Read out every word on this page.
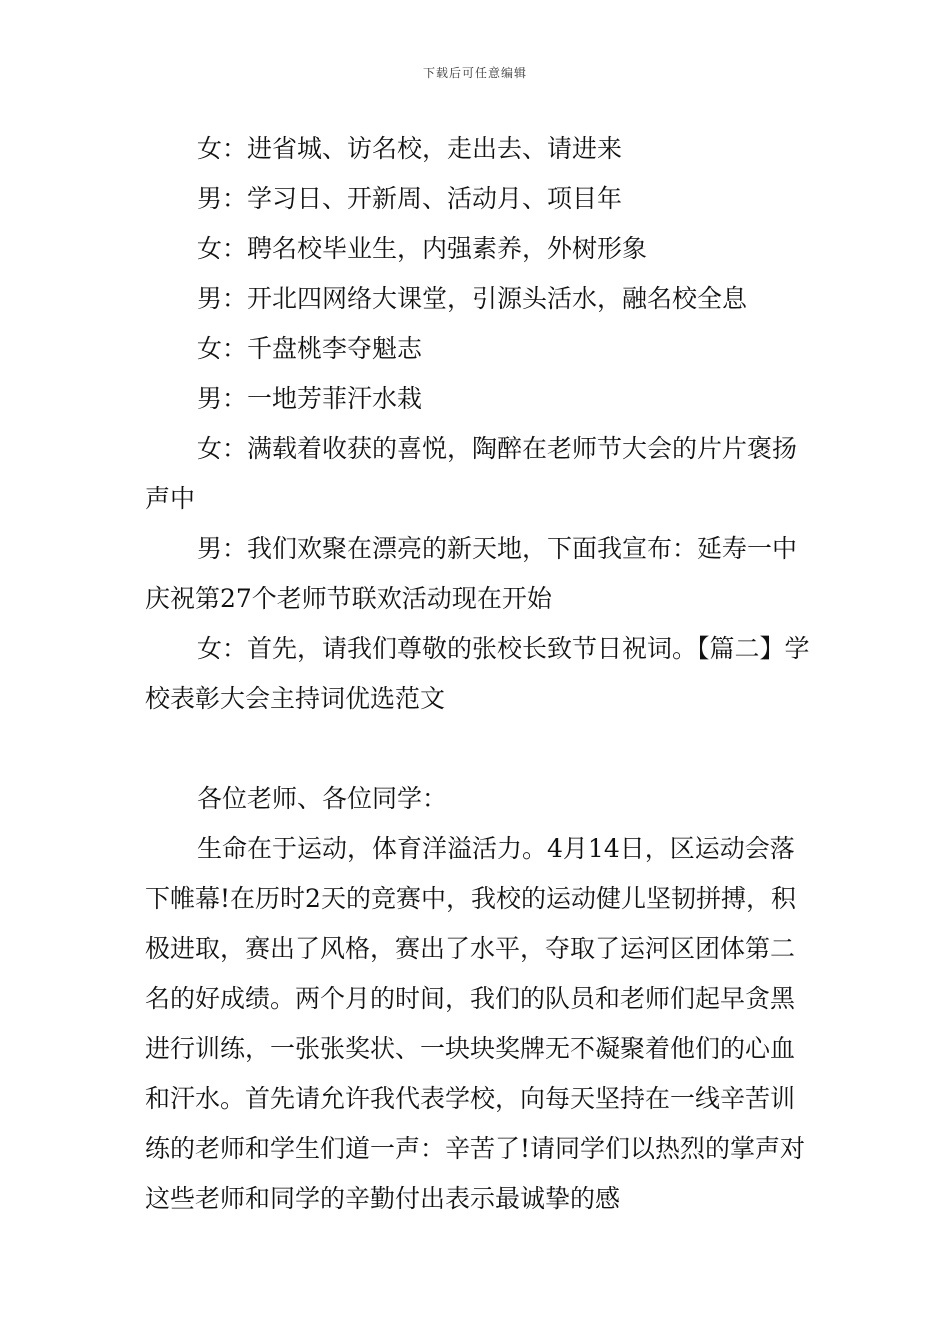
下载后可任意编辑

女：进省城、访名校，走出去、请进来

男：学习日、开新周、活动月、项目年

女：聘名校毕业生，内强素养，外树形象

男：开北四网络大课堂，引源头活水，融名校全息

女：千盘桃李夺魁志

男：一地芳菲汗水栽

女：满载着收获的喜悦，陶醉在老师节大会的片片褒扬声中

男：我们欢聚在漂亮的新天地，下面我宣布：延寿一中庆祝第27个老师节联欢活动现在开始

女：首先，请我们尊敬的张校长致节日祝词。【篇二】学校表彰大会主持词优选范文

各位老师、各位同学：

生命在于运动，体育洋溢活力。4月14日，区运动会落下帷幕!在历时2天的竞赛中，我校的运动健儿坚韧拼搏，积极进取，赛出了风格，赛出了水平，夺取了运河区团体第二名的好成绩。两个月的时间，我们的队员和老师们起早贪黑进行训练，一张张奖状、一块块奖牌无不凝聚着他们的心血和汗水。首先请允许我代表学校，向每天坚持在一线辛苦训练的老师和学生们道一声：辛苦了!请同学们以热烈的掌声对这些老师和同学的辛勤付出表示最诚挚的感
